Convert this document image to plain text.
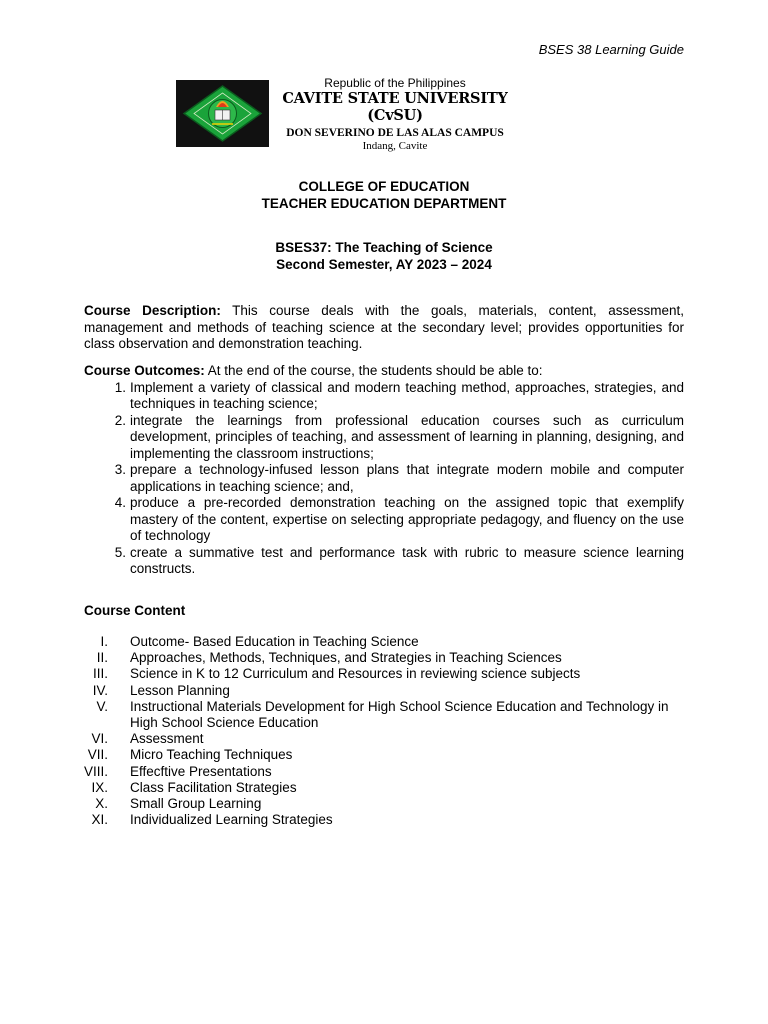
BSES 38 Learning Guide
Republic of the Philippines
CAVITE STATE UNIVERSITY
(CvSU)
DON SEVERINO DE LAS ALAS CAMPUS
Indang, Cavite
COLLEGE OF EDUCATION
TEACHER EDUCATION DEPARTMENT
BSES37: The Teaching of Science
Second Semester, AY 2023 – 2024
Course Description: This course deals with the goals, materials, content, assessment, management and methods of teaching science at the secondary level; provides opportunities for class observation and demonstration teaching.
Course Outcomes: At the end of the course, the students should be able to:
1. Implement a variety of classical and modern teaching method, approaches, strategies, and techniques in teaching science;
2. integrate the learnings from professional education courses such as curriculum development, principles of teaching, and assessment of learning in planning, designing, and implementing the classroom instructions;
3. prepare a technology-infused lesson plans that integrate modern mobile and computer applications in teaching science; and,
4. produce a pre-recorded demonstration teaching on the assigned topic that exemplify mastery of the content, expertise on selecting appropriate pedagogy, and fluency on the use of technology
5. create a summative test and performance task with rubric to measure science learning constructs.
Course Content
I. Outcome- Based Education in Teaching Science
II. Approaches, Methods, Techniques, and Strategies in Teaching Sciences
III. Science in K to 12 Curriculum and Resources in reviewing science subjects
IV. Lesson Planning
V. Instructional Materials Development for High School Science Education and Technology in High School Science Education
VI. Assessment
VII. Micro Teaching Techniques
VIII. Effecftive Presentations
IX. Class Facilitation Strategies
X. Small Group Learning
XI. Individualized Learning Strategies
